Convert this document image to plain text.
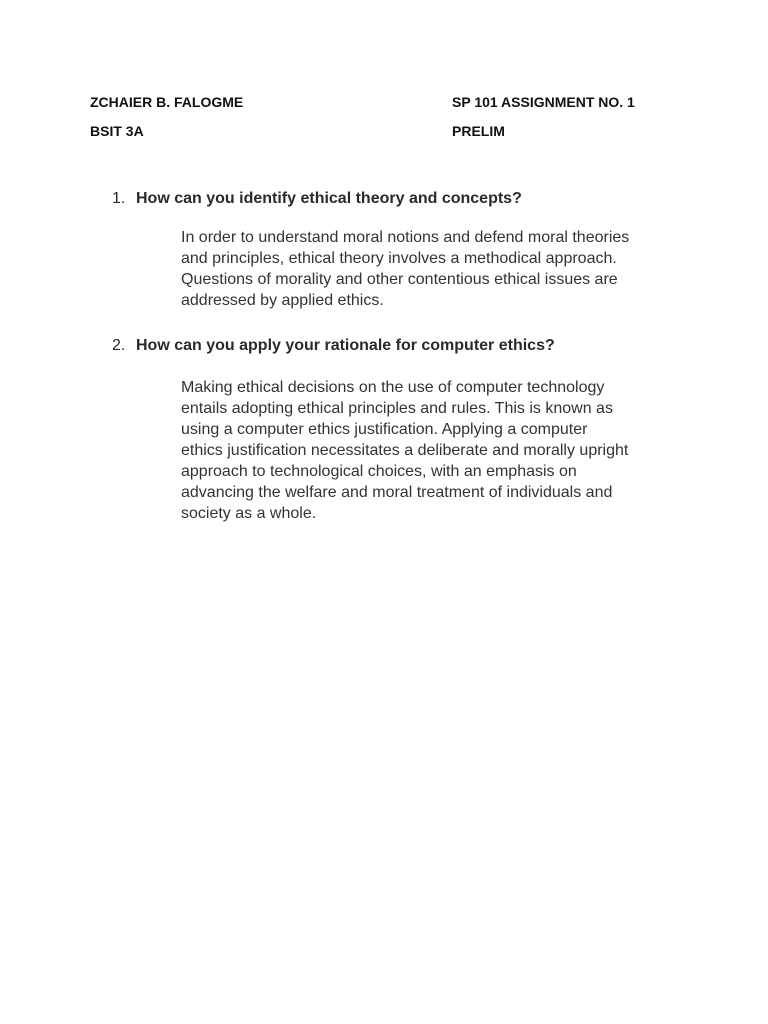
ZCHAIER B. FALOGME	SP 101 ASSIGNMENT NO. 1
BSIT 3A	PRELIM
1. How can you identify ethical theory and concepts?

In order to understand moral notions and defend moral theories
and principles, ethical theory involves a methodical approach.
Questions of morality and other contentious ethical issues are
addressed by applied ethics.

2. How can you apply your rationale for computer ethics?

Making ethical decisions on the use of computer technology
entails adopting ethical principles and rules. This is known as
using a computer ethics justification. Applying a computer
ethics justification necessitates a deliberate and morally upright
approach to technological choices, with an emphasis on
advancing the welfare and moral treatment of individuals and
society as a whole.
